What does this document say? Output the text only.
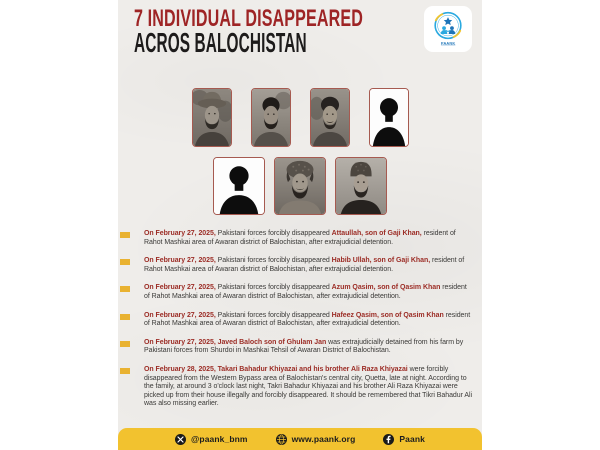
7 INDIVIDUAL DISAPPEARED
ACROS BALOCHISTAN	PAANK
On February 27, 2025, Pakistani forces forcibly disappeared Attaullah, son of Gaji Khan, resident of Rahot Mashkai area of Awaran district of Balochistan, after extrajudicial detention.
On February 27, 2025, Pakistani forces forcibly disappeared Habib Ullah, son of Gaji Khan, resident of Rahot Mashkai area of Awaran district of Balochistan, after extrajudicial detention.
On February 27, 2025, Pakistani forces forcibly disappeared Azum Qasim, son of Qasim Khan resident of Rahot Mashkai area of Awaran district of Balochistan, after extrajudicial detention.
On February 27, 2025, Pakistani forces forcibly disappeared Hafeez Qasim, son of Qasim Khan resident of Rahot Mashkai area of Awaran district of Balochistan, after extrajudicial detention.
On February 27, 2025, Javed Baloch son of Ghulam Jan was extrajudicially detained from his farm by Pakistani forces from Shurdoi in Mashkai Tehsil of Awaran District of Balochistan.
On February 28, 2025, Takari Bahadur Khiyazai and his brother Ali Raza Khiyazai were forcibly disappeared from the Western Bypass area of Balochistan's central city, Quetta, late at night. According to the family, at around 3 o'clock last night, Takri Bahadur Khiyazai and his brother Ali Raza Khiyazai were picked up from their house illegally and forcibly disappeared. It should be remembered that Tikri Bahadur Ali was also missing earlier.
@paank_bnm	www.paank.org	Paank
